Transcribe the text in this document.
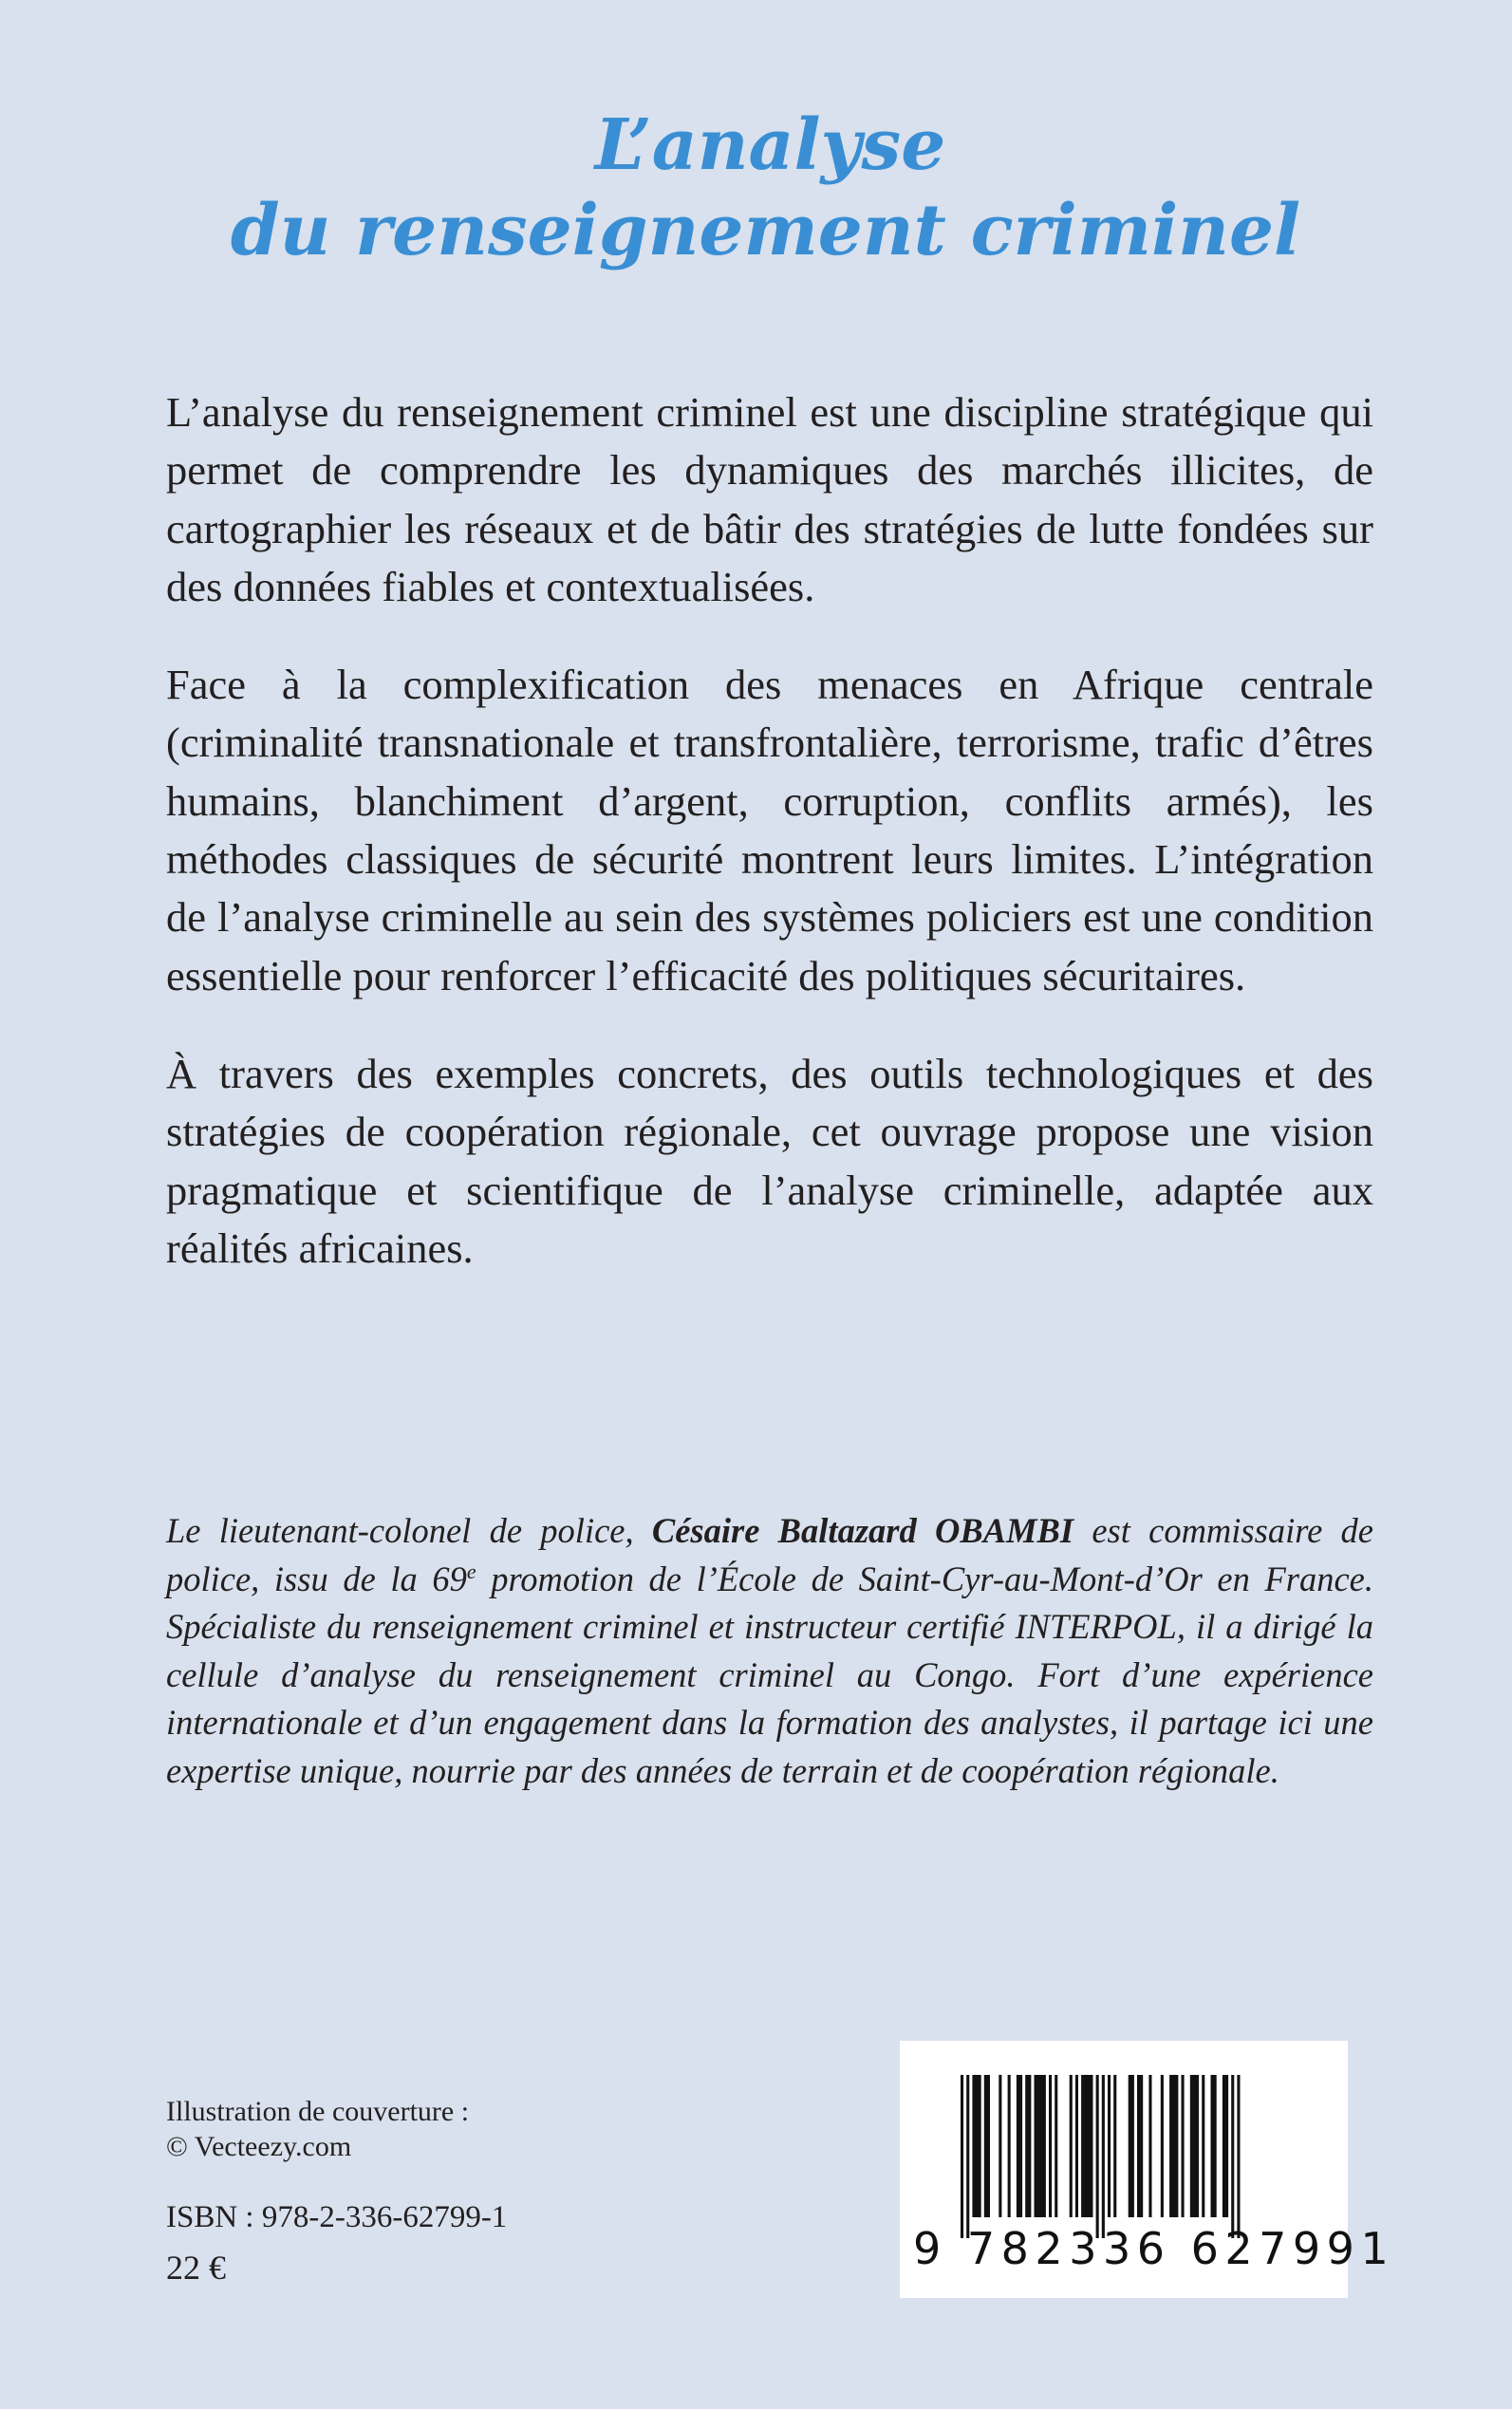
L’analyse
du renseignement criminel

L’analyse du renseignement criminel est une discipline stratégique qui permet de comprendre les dynamiques des marchés illicites, de cartographier les réseaux et de bâtir des stratégies de lutte fondées sur des données fiables et contextualisées.

Face à la complexification des menaces en Afrique centrale (criminalité transnationale et transfrontalière, terrorisme, trafic d’êtres humains, blanchiment d’argent, corruption, conflits armés), les méthodes classiques de sécurité montrent leurs limites. L’intégration de l’analyse criminelle au sein des systèmes policiers est une condition essentielle pour renforcer l’efficacité des politiques sécuritaires.

À travers des exemples concrets, des outils technologiques et des stratégies de coopération régionale, cet ouvrage propose une vision pragmatique et scientifique de l’analyse criminelle, adaptée aux réalités africaines.

Le lieutenant-colonel de police, Césaire Baltazard OBAMBI est commissaire de police, issu de la 69e promotion de l’École de Saint-Cyr-au-Mont-d’Or en France. Spécialiste du renseignement criminel et instructeur certifié INTERPOL, il a dirigé la cellule d’analyse du renseignement criminel au Congo. Fort d’une expérience internationale et d’un engagement dans la formation des analystes, il partage ici une expertise unique, nourrie par des années de terrain et de coopération régionale.

Illustration de couverture :
© Vecteezy.com
ISBN : 978-2-336-62799-1
22 €	9 782336 627991
